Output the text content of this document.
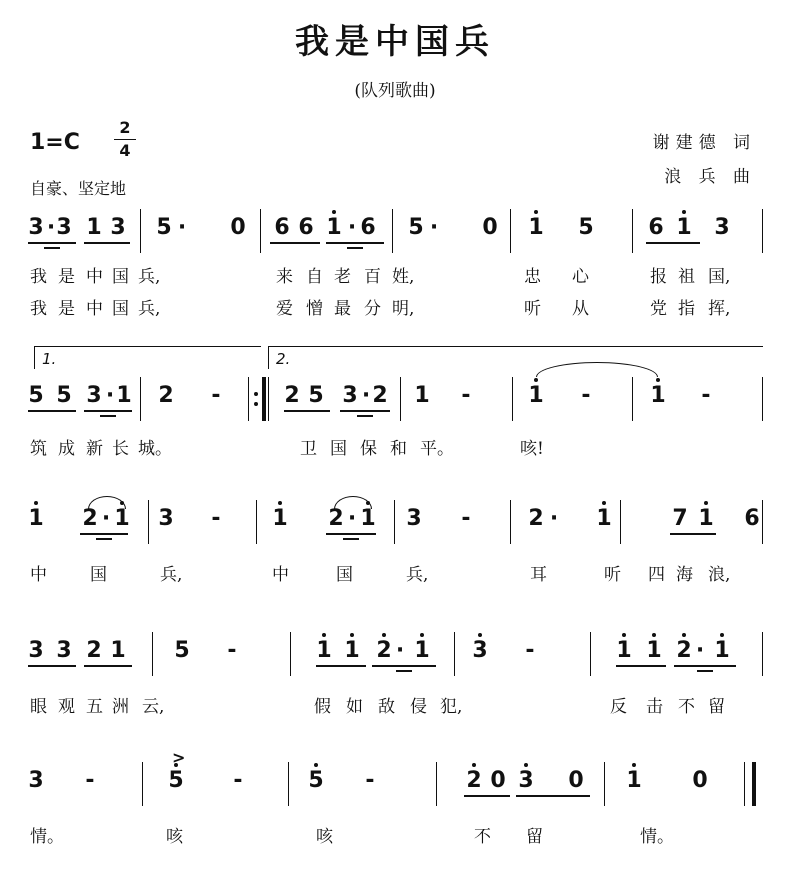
我是中国兵
(队列歌曲)
1=C
2
4
自豪、坚定地
谢建德 词
浪 兵 曲
3 · 3 1 3 5 · 0 6 6 1 · 6 5 · 0 1 5 6 1 3
5 5 3 · 1 2 -	2 5 3 · 2 1 -	1 -	1 -
1 2 · 1 3 - 1 2 · 1 3 -	2 · 1	7 1 6
3 3 2 1 5 -	1 1 2 · 1 3 -	1 1 2 · 1
3 -	5 -	5 -	2 0 3 0 1 0
1.	2.
>
我 是 中 国 兵,	来 自 老 百 姓,	忠 心	报 祖 国,
我 是 中 国 兵,	爱 憎 最 分 明,	听 从	党 指 挥,
筑 成 新 长 城。	卫 国 保 和 平。	咳!
中	国	兵,	中	国	兵,	耳	听 四 海 浪,
眼 观 五 洲 云,	假 如 敌 侵 犯,	反 击 不 留
情。	咳	咳	不 留	情。
